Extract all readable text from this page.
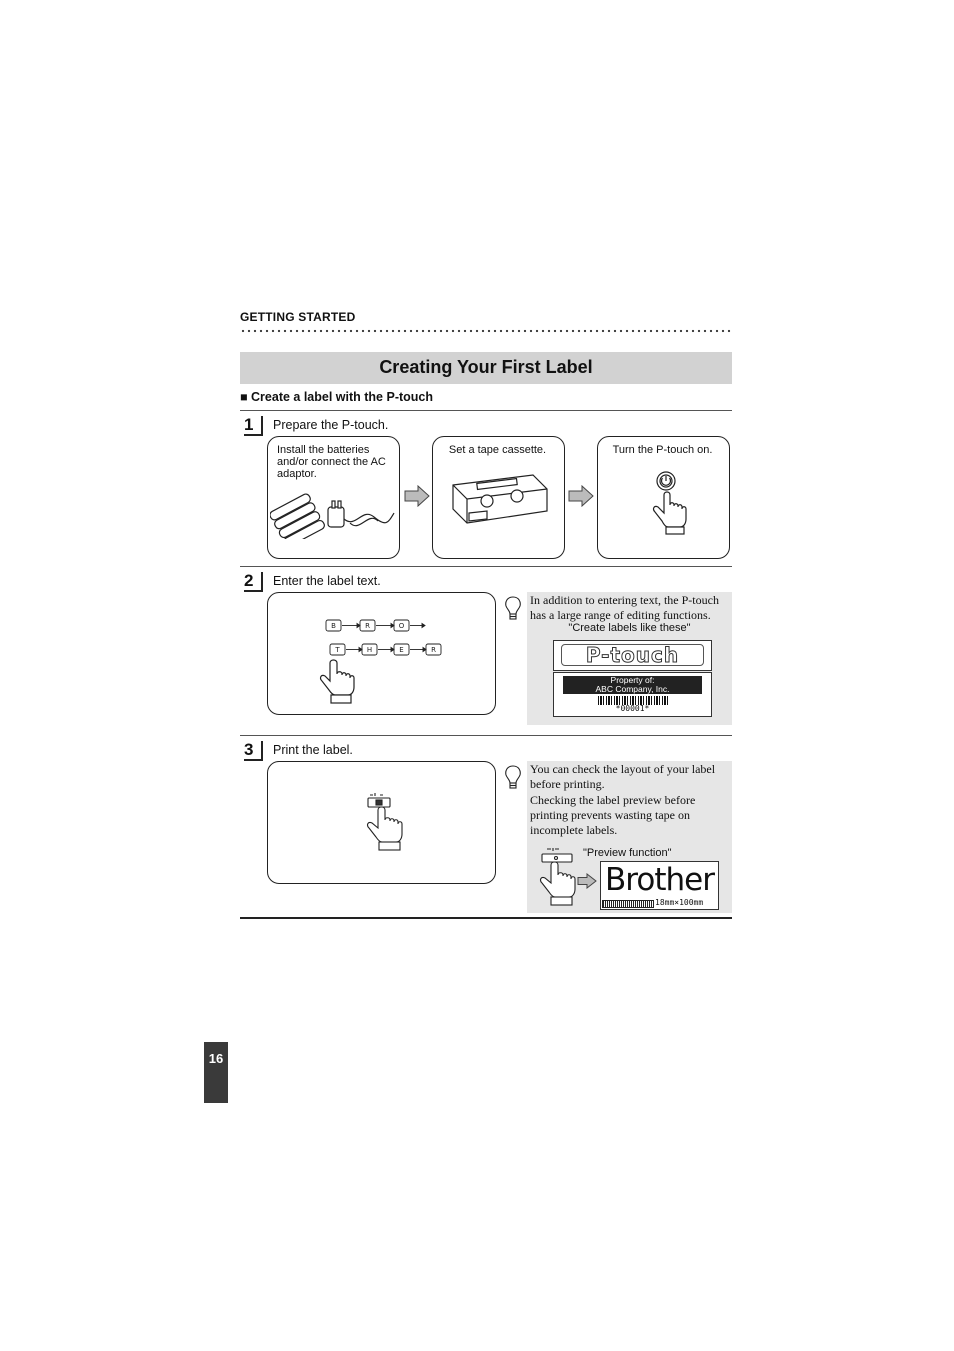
GETTING STARTED
Creating Your First Label
■ Create a label with the P-touch
1	Prepare the P-touch.
Install the batteries and/or connect the AC adaptor.
Set a tape cassette.	Turn the P-touch on.
2	Enter the label text.
B	R	O
T	H	E	R
In addition to entering text, the P-touch has a large range of editing functions.
"Create labels like these"
P-touch
Property of:
ABC Company, Inc.
*00001*
3	Print the label.
You can check the layout of your label before printing.
Checking the label preview before printing prevents wasting tape on incomplete labels.
"Preview function"
Brother
18mm×100mm
16
